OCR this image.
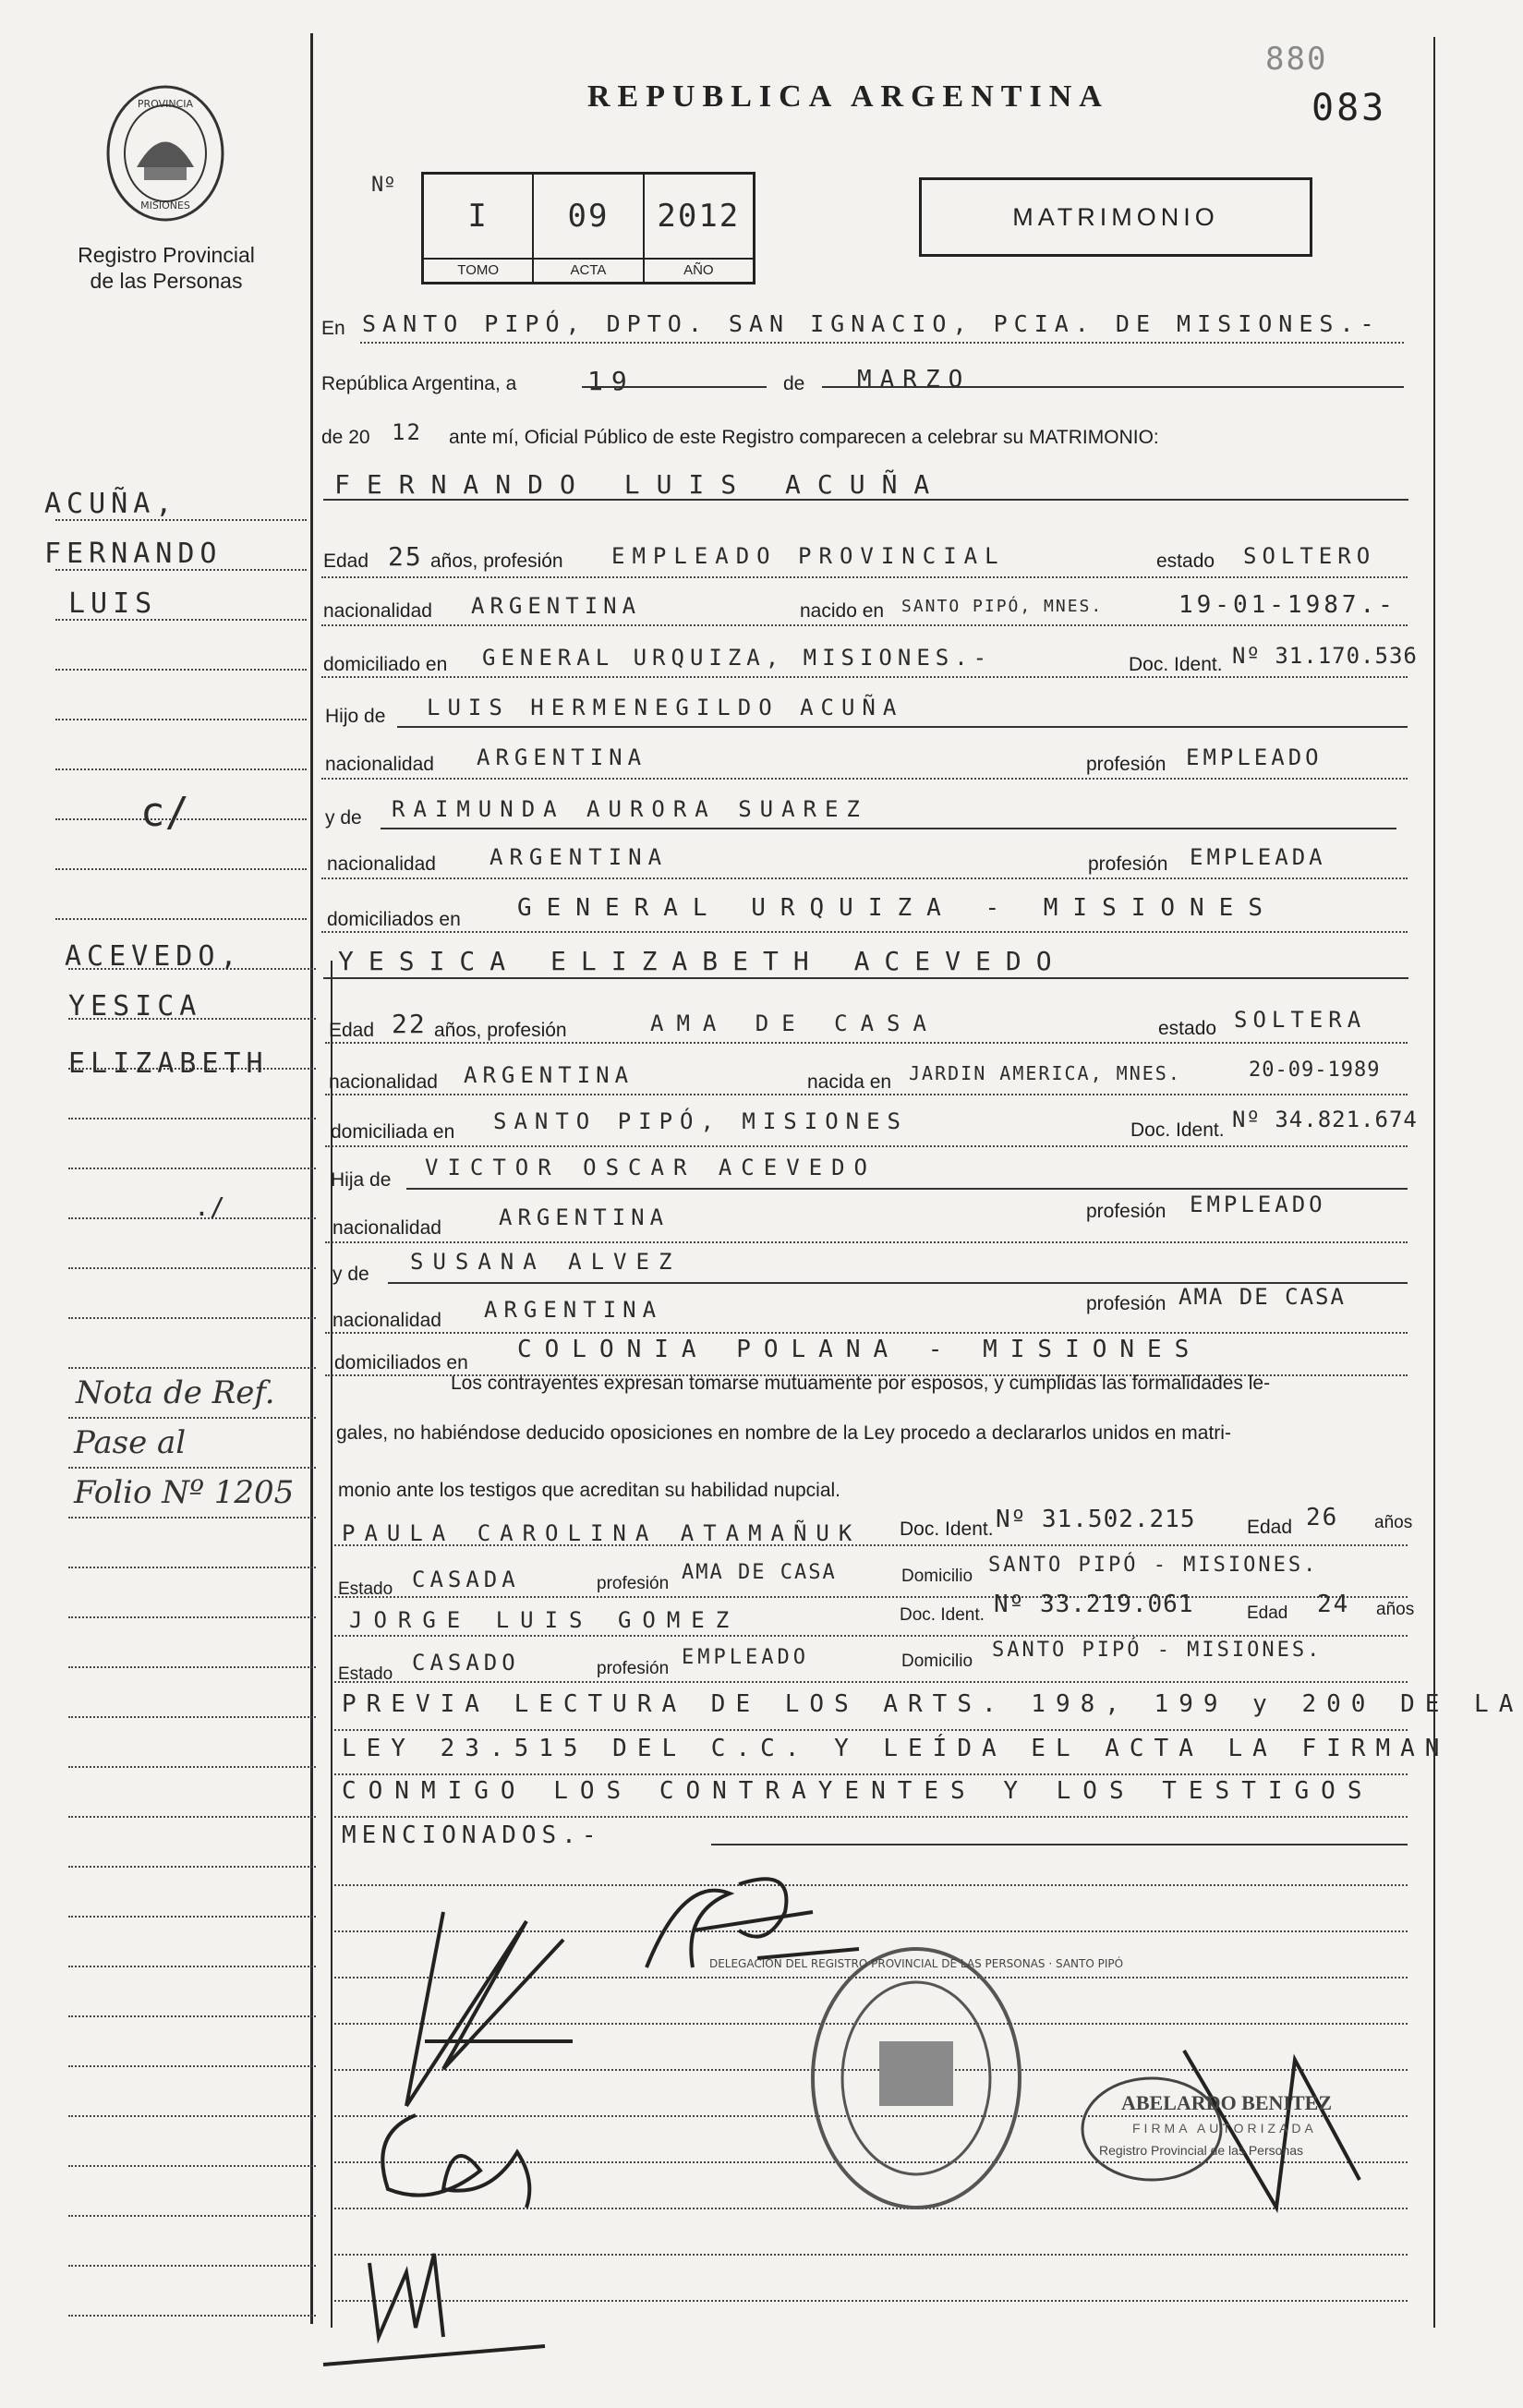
PROVINCIA
MISIONES
Registro Provincial
de las Personas
REPUBLICA ARGENTINA
880
083
Nº
I
TOMO
09
ACTA
2012
AÑO
MATRIMONIO
ACUÑA,
FERNANDO
LUIS
c/
ACEVEDO,
YESICA
ELIZABETH
./
Nota de Ref.
Pase al
Folio Nº 1205
En SANTO PIPÓ, DPTO. SAN IGNACIO, PCIA. DE MISIONES.-
República Argentina, a	19	de MARZO
de 20 12 ante mí, Oficial Público de este Registro comparecen a celebrar su MATRIMONIO:
FERNANDO LUIS ACUÑA
Edad 25 años, profesión EMPLEADO PROVINCIAL	estado SOLTERO
nacionalidad ARGENTINA	nacido en SANTO PIPÓ, MNES.	19-01-1987.-
domiciliado en GENERAL URQUIZA, MISIONES.-	Doc. Ident. Nº 31.170.536
Hijo de LUIS HERMENEGILDO ACUÑA
nacionalidad ARGENTINA	profesión EMPLEADO
y de RAIMUNDA AURORA SUAREZ
nacionalidad ARGENTINA	profesión EMPLEADA
domiciliados en GENERAL URQUIZA - MISIONES
YESICA ELIZABETH ACEVEDO
Edad 22 años, profesión	AMA DE CASA	estado SOLTERA
nacionalidad ARGENTINA	nacida en JARDIN AMERICA, MNES.	20-09-1989
domiciliada en SANTO PIPÓ, MISIONES	Doc. Ident. Nº 34.821.674
Hija de VICTOR OSCAR ACEVEDO
nacionalidad	ARGENTINA	profesión EMPLEADO
y de SUSANA ALVEZ
nacionalidad ARGENTINA	profesión AMA DE CASA
domiciliados en COLONIA POLANA - MISIONES
Los contrayentes expresan tomarse mutuamente por esposos, y cumplidas las formalidades le-
gales, no habiéndose deducido oposiciones en nombre de la Ley procedo a declararlos unidos en matri-
monio ante los testigos que acreditan su habilidad nupcial.
PAULA CAROLINA ATAMAÑUK Doc. Ident. Nº 31.502.215	Edad 26 años
Estado CASADA	profesión AMA DE CASA	Domicilio SANTO PIPÓ - MISIONES.
JORGE LUIS GOMEZ	Doc. Ident. Nº 33.219.061	Edad 24 años
Estado CASADO	profesión EMPLEADO	Domicilio SANTO PIPÓ - MISIONES.
PREVIA LECTURA DE LOS ARTS. 198, 199 y 200 DE LA
LEY 23.515 DEL C.C. Y LEÍDA EL ACTA LA FIRMAN
CONMIGO LOS CONTRAYENTES Y LOS TESTIGOS
MENCIONADOS.-
DELEGACIÓN DEL REGISTRO PROVINCIAL DE LAS PERSONAS · SANTO PIPÓ
ABELARDO BENITEZ
FIRMA AUTORIZADA
Registro Provincial de las Personas
